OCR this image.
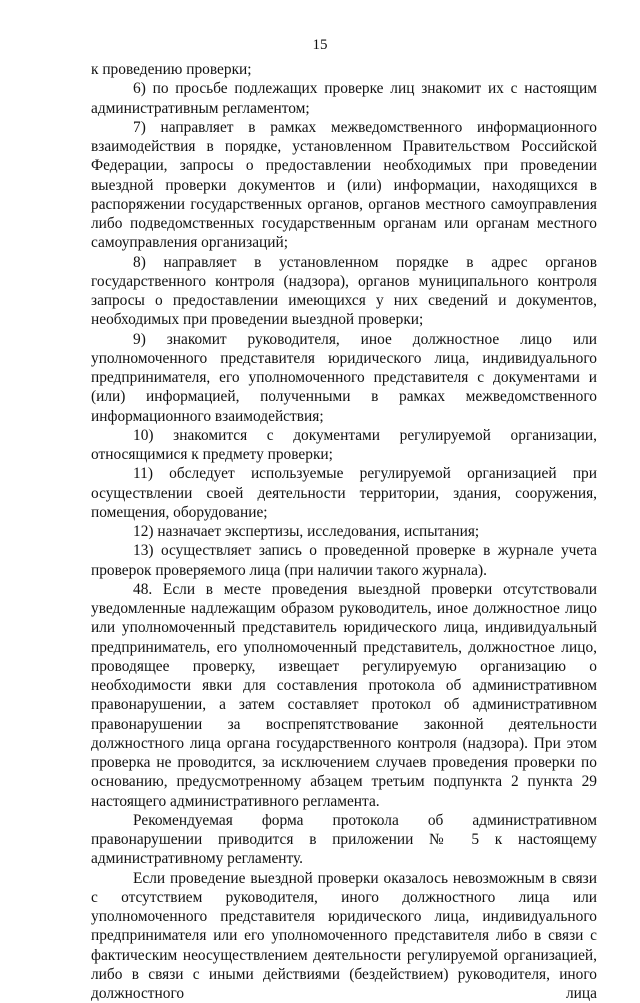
15

к проведению проверки;

6) по просьбе подлежащих проверке лиц знакомит их с настоящим административным регламентом;

7) направляет в рамках межведомственного информационного взаимодействия в порядке, установленном Правительством Российской Федерации, запросы о предоставлении необходимых при проведении выездной проверки документов и (или) информации, находящихся в распоряжении государственных органов, органов местного самоуправления либо подведомственных государственным органам или органам местного самоуправления организаций;

8) направляет в установленном порядке в адрес органов государственного контроля (надзора), органов муниципального контроля запросы о предоставлении имеющихся у них сведений и документов, необходимых при проведении выездной проверки;

9) знакомит руководителя, иное должностное лицо или уполномоченного представителя юридического лица, индивидуального предпринимателя, его уполномоченного представителя с документами и (или) информацией, полученными в рамках межведомственного информационного взаимодействия;

10) знакомится с документами регулируемой организации, относящимися к предмету проверки;

11) обследует используемые регулируемой организацией при осуществлении своей деятельности территории, здания, сооружения, помещения, оборудование;

12) назначает экспертизы, исследования, испытания;

13) осуществляет запись о проведенной проверке в журнале учета проверок проверяемого лица (при наличии такого журнала).

48. Если в месте проведения выездной проверки отсутствовали уведомленные надлежащим образом руководитель, иное должностное лицо или уполномоченный представитель юридического лица, индивидуальный предприниматель, его уполномоченный представитель, должностное лицо, проводящее проверку, извещает регулируемую организацию о необходимости явки для составления протокола об административном правонарушении, а затем составляет протокол об административном правонарушении за воспрепятствование законной деятельности должностного лица органа государственного контроля (надзора). При этом проверка не проводится, за исключением случаев проведения проверки по основанию, предусмотренному абзацем третьим подпункта 2 пункта 29 настоящего административного регламента.

Рекомендуемая форма протокола об административном правонарушении приводится в приложении № 5 к настоящему административному регламенту.

Если проведение выездной проверки оказалось невозможным в связи с отсутствием руководителя, иного должностного лица или уполномоченного представителя юридического лица, индивидуального предпринимателя или его уполномоченного представителя либо в связи с фактическим неосуществлением деятельности регулируемой организацией, либо в связи с иными действиями (бездействием) руководителя, иного должностного лица
